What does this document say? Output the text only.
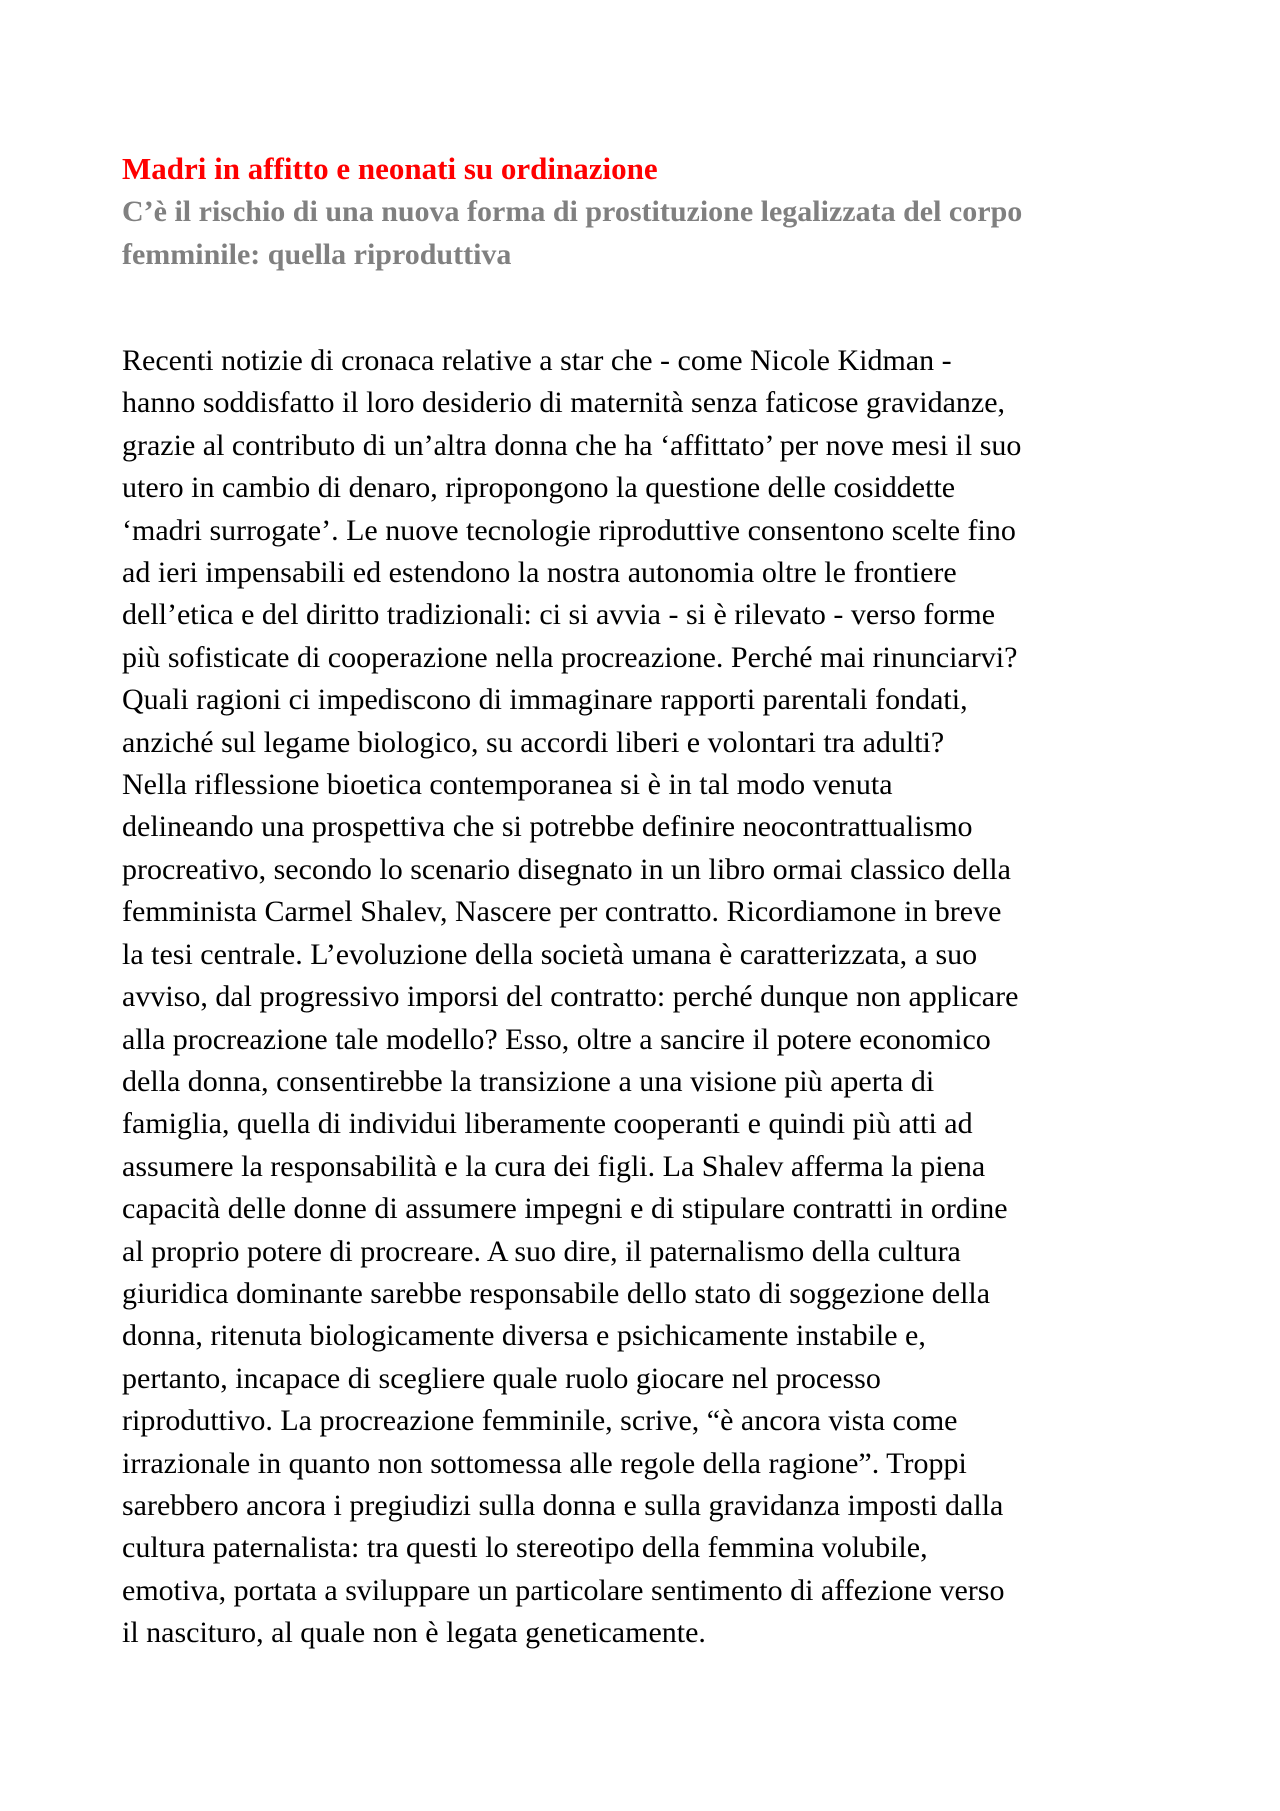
Madri in affitto e neonati su ordinazione
C’è il rischio di una nuova forma di prostituzione legalizzata del corpo
femminile: quella riproduttiva

Recenti notizie di cronaca relative a star che - come Nicole Kidman -
hanno soddisfatto il loro desiderio di maternità senza faticose gravidanze,
grazie al contributo di un’altra donna che ha ‘affittato’ per nove mesi il suo
utero in cambio di denaro, ripropongono la questione delle cosiddette
‘madri surrogate’. Le nuove tecnologie riproduttive consentono scelte fino
ad ieri impensabili ed estendono la nostra autonomia oltre le frontiere
dell’etica e del diritto tradizionali: ci si avvia - si è rilevato - verso forme
più sofisticate di cooperazione nella procreazione. Perché mai rinunciarvi?
Quali ragioni ci impediscono di immaginare rapporti parentali fondati,
anziché sul legame biologico, su accordi liberi e volontari tra adulti?
Nella riflessione bioetica contemporanea si è in tal modo venuta
delineando una prospettiva che si potrebbe definire neocontrattualismo
procreativo, secondo lo scenario disegnato in un libro ormai classico della
femminista Carmel Shalev, Nascere per contratto. Ricordiamone in breve
la tesi centrale. L’evoluzione della società umana è caratterizzata, a suo
avviso, dal progressivo imporsi del contratto: perché dunque non applicare
alla procreazione tale modello? Esso, oltre a sancire il potere economico
della donna, consentirebbe la transizione a una visione più aperta di
famiglia, quella di individui liberamente cooperanti e quindi più atti ad
assumere la responsabilità e la cura dei figli. La Shalev afferma la piena
capacità delle donne di assumere impegni e di stipulare contratti in ordine
al proprio potere di procreare. A suo dire, il paternalismo della cultura
giuridica dominante sarebbe responsabile dello stato di soggezione della
donna, ritenuta biologicamente diversa e psichicamente instabile e,
pertanto, incapace di scegliere quale ruolo giocare nel processo
riproduttivo. La procreazione femminile, scrive, “è ancora vista come
irrazionale in quanto non sottomessa alle regole della ragione”. Troppi
sarebbero ancora i pregiudizi sulla donna e sulla gravidanza imposti dalla
cultura paternalista: tra questi lo stereotipo della femmina volubile,
emotiva, portata a sviluppare un particolare sentimento di affezione verso
il nascituro, al quale non è legata geneticamente.
